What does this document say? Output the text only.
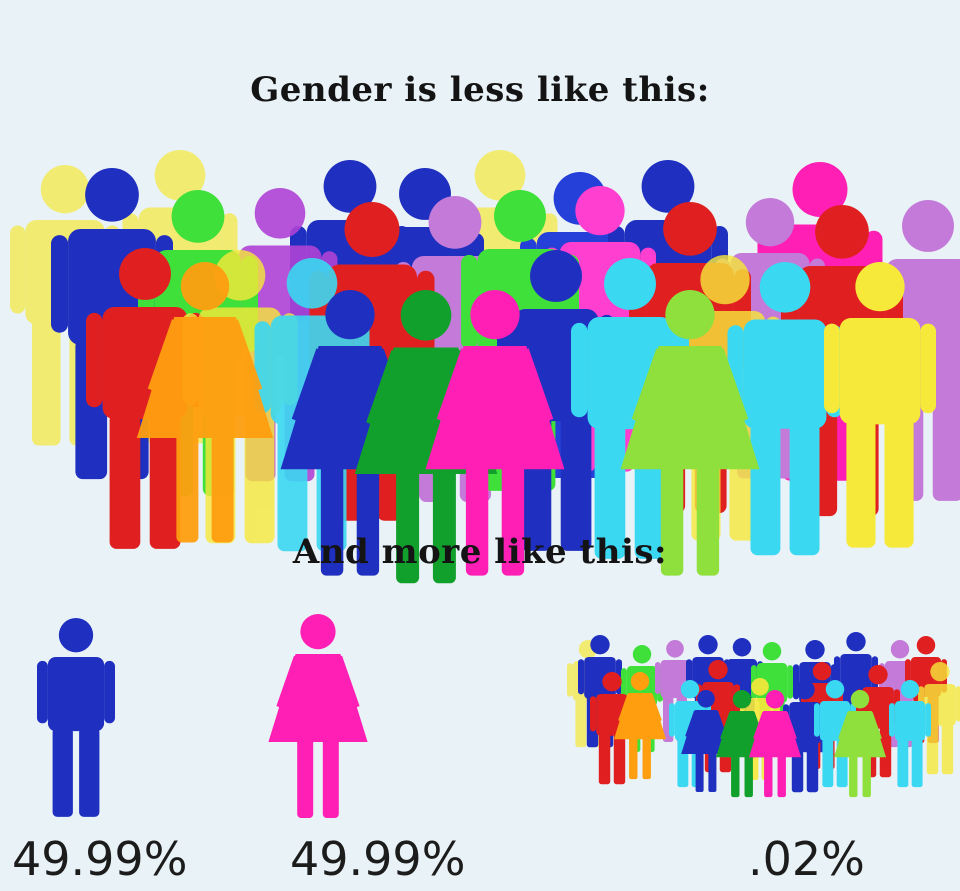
Gender is less like this:
And more like this:
49.99% 49.99%	.02%
